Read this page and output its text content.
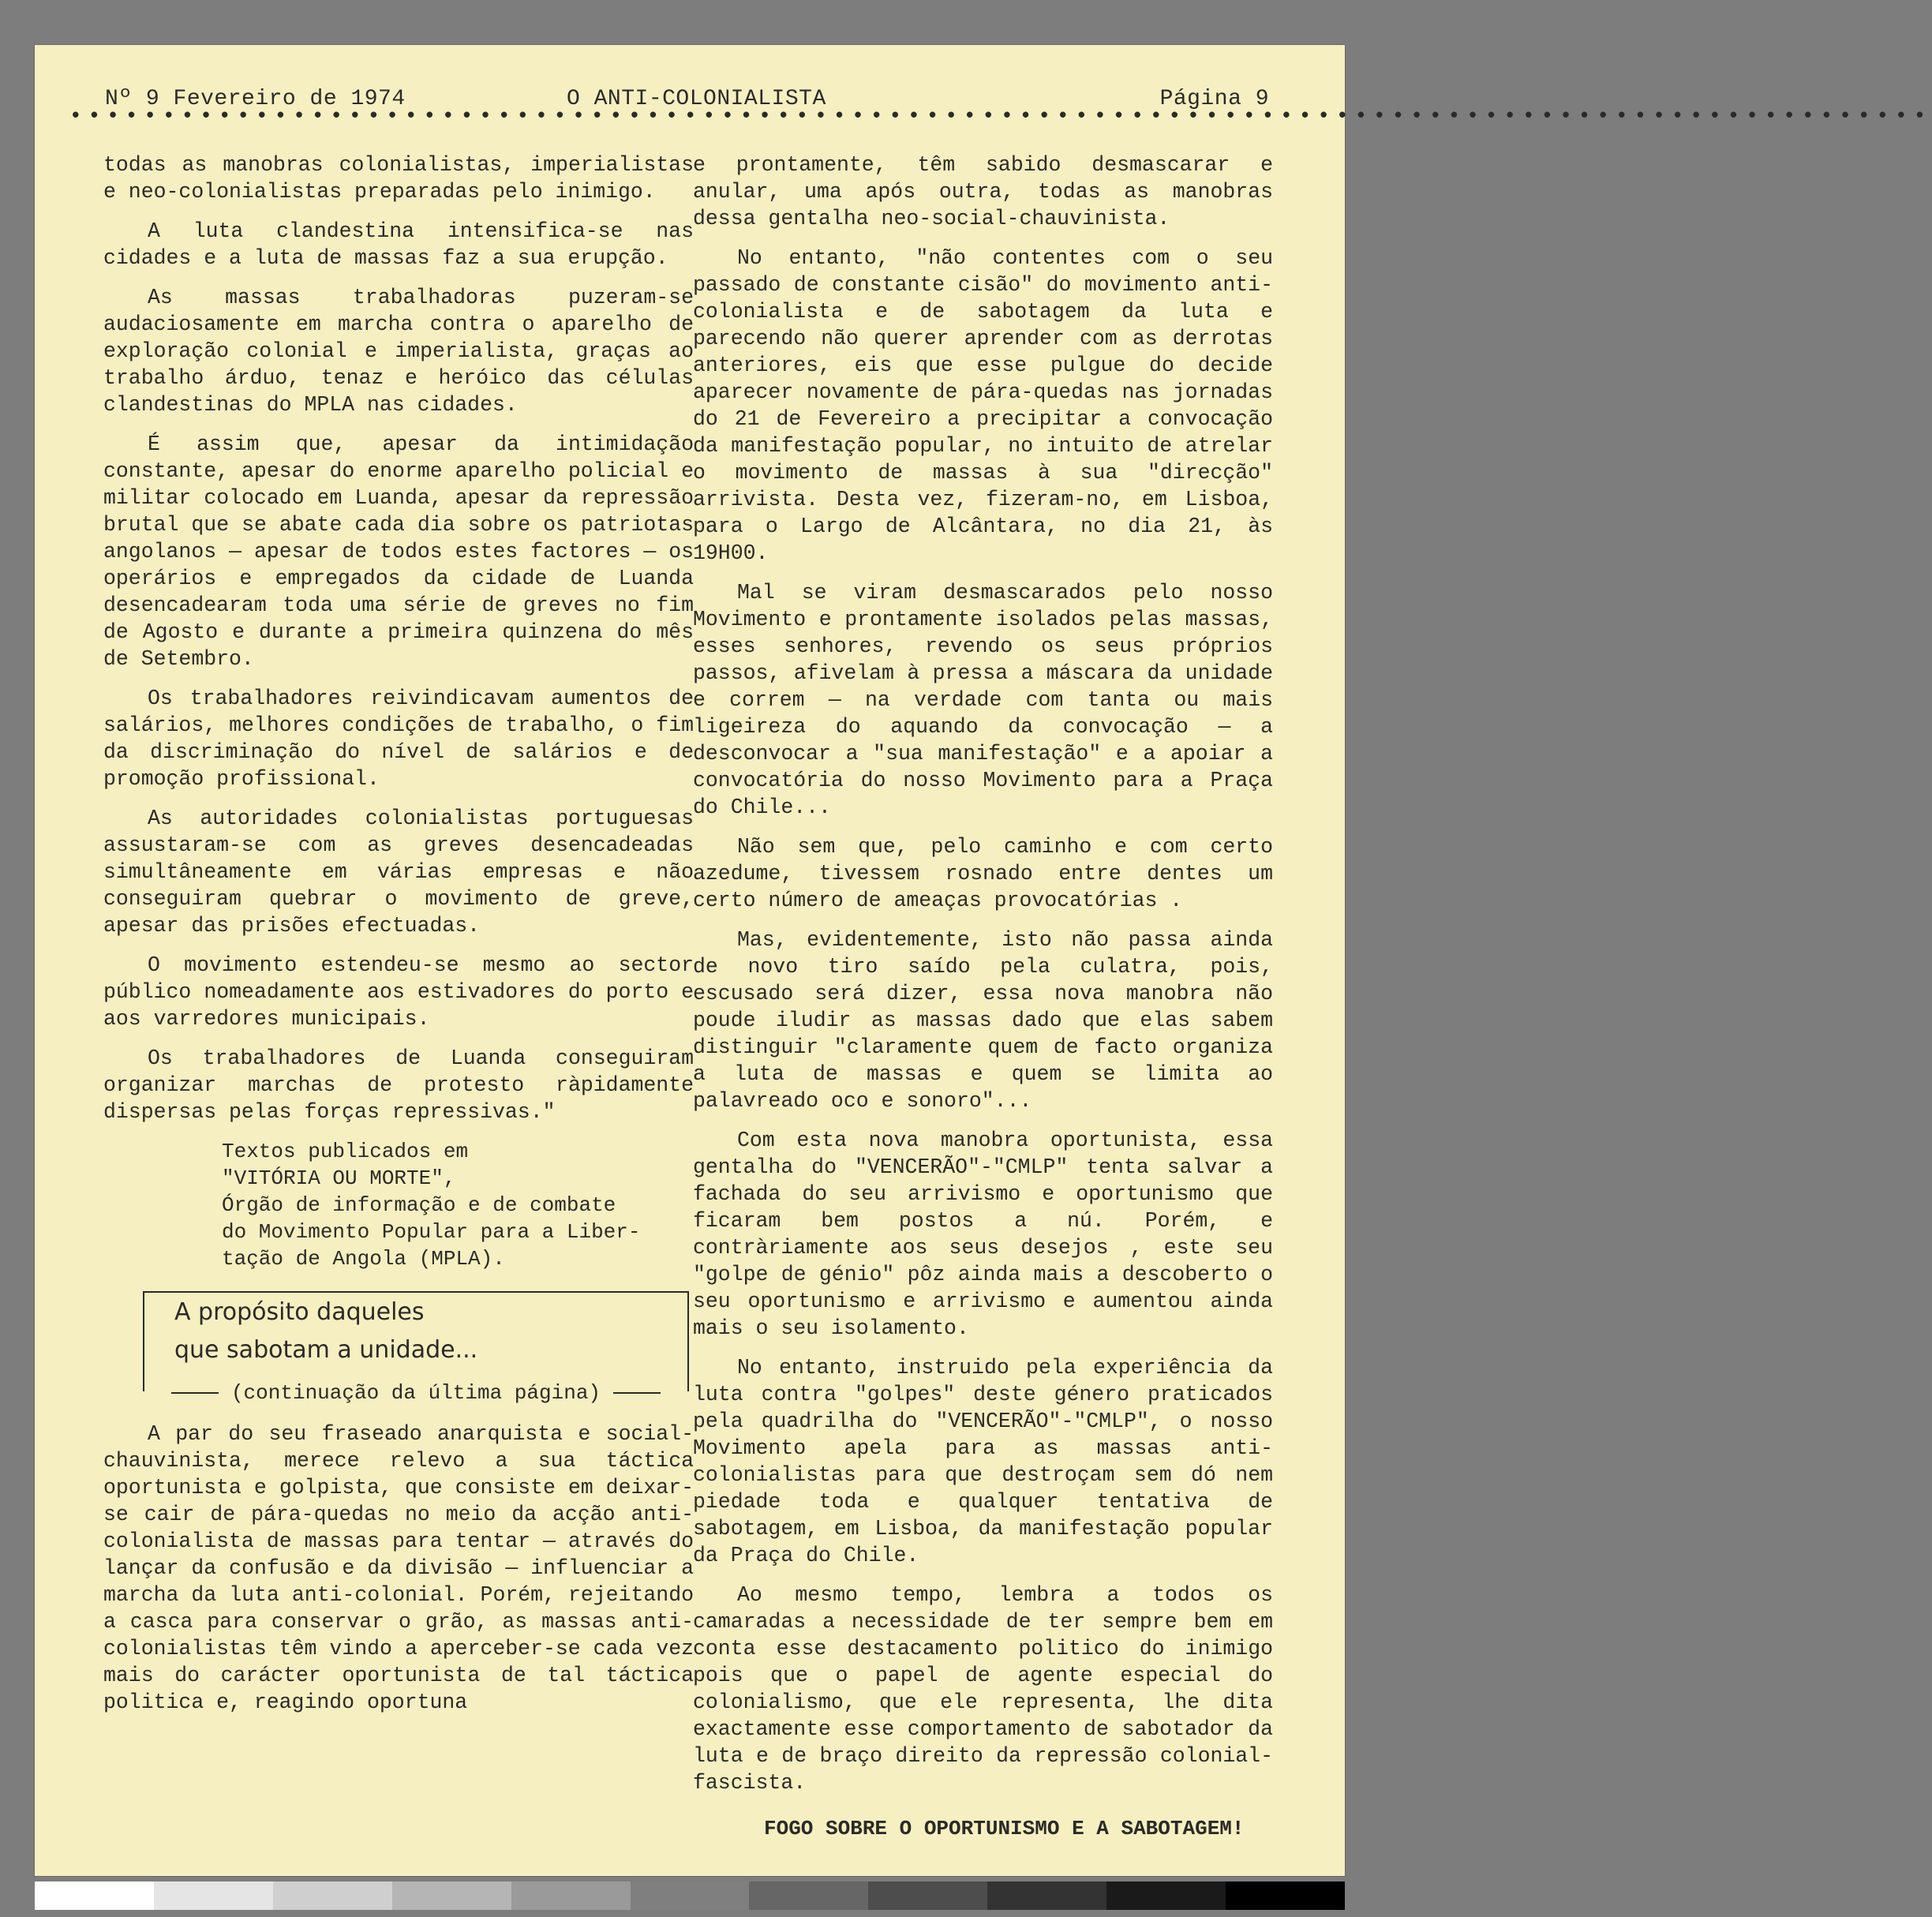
Nº 9 Fevereiro de 1974	O ANTI-COLONIALISTA	Página 9
••••••••••••••••••••••••••••••••••••••••••••••••••••••••••••••••••••••••••••••••••••••••••••••••••••

todas as manobras colonialistas, imperialistas e neo-colonialistas preparadas pelo inimigo.

A luta clandestina intensifica-se nas cidades e a luta de massas faz a sua erupção.

As massas trabalhadoras puzeram-se audaciosamente em marcha contra o aparelho de exploração colonial e imperialista, graças ao trabalho árduo, tenaz e heróico das células clandestinas do MPLA nas cidades.

É assim que, apesar da intimidação constante, apesar do enorme aparelho policial e militar colocado em Luanda, apesar da repressão brutal que se abate cada dia sobre os patriotas angolanos — apesar de todos estes factores — os operários e empregados da cidade de Luanda desencadearam toda uma série de greves no fim de Agosto e durante a primeira quinzena do mês de Setembro.

Os trabalhadores reivindicavam aumentos de salários, melhores condições de trabalho, o fim da discriminação do nível de salários e de promoção profissional.

As autoridades colonialistas portuguesas assustaram-se com as greves desencadeadas simultâneamente em várias empresas e não conseguiram quebrar o movimento de greve, apesar das prisões efectuadas.

O movimento estendeu-se mesmo ao sector público nomeadamente aos estivadores do porto e aos varredores municipais.

Os trabalhadores de Luanda conseguiram organizar marchas de protesto ràpidamente dispersas pelas forças repressivas."

Textos publicados em
"VITÓRIA OU MORTE",
Órgão de informação e de combate
do Movimento Popular para a Liber-
tação de Angola (MPLA).
A propósito daqueles
que sabotam a unidade...
(continuação da última página)

A par do seu fraseado anarquista e social-chauvinista, merece relevo a sua táctica oportunista e golpista, que consiste em deixar-se cair de pára-quedas no meio da acção anti-colonialista de massas para tentar — através do lançar da confusão e da divisão — influenciar a marcha da luta anti-colonial. Porém, rejeitando a casca para conservar o grão, as massas anti-colonialistas têm vindo a aperceber-se cada vez mais do carácter oportunista de tal táctica politica e, reagindo oportuna

e prontamente, têm sabido desmascarar e anular, uma após outra, todas as manobras dessa gentalha neo-social-chauvinista.

No entanto, "não contentes com o seu passado de constante cisão" do movimento anti-colonialista e de sabotagem da luta e parecendo não querer aprender com as derrotas anteriores, eis que esse pulgue do decide aparecer novamente de pára-quedas nas jornadas do 21 de Fevereiro a precipitar a convocação da manifestação popular, no intuito de atrelar o movimento de massas à sua "direcção" arrivista. Desta vez, fizeram-no, em Lisboa, para o Largo de Alcântara, no dia 21, às 19H00.

Mal se viram desmascarados pelo nosso Movimento e prontamente isolados pelas massas, esses senhores, revendo os seus próprios passos, afivelam à pressa a máscara da unidade e correm — na verdade com tanta ou mais ligeireza do aquando da convocação — a desconvocar a "sua manifestação" e a apoiar a convocatória do nosso Movimento para a Praça do Chile...

Não sem que, pelo caminho e com certo azedume, tivessem rosnado entre dentes um certo número de ameaças provocatórias .

Mas, evidentemente, isto não passa ainda de novo tiro saído pela culatra, pois, escusado será dizer, essa nova manobra não poude iludir as massas dado que elas sabem distinguir "claramente quem de facto organiza a luta de massas e quem se limita ao palavreado oco e sonoro"...

Com esta nova manobra oportunista, essa gentalha do "VENCERÃO"-"CMLP" tenta salvar a fachada do seu arrivismo e oportunismo que ficaram bem postos a nú. Porém, e contràriamente aos seus desejos , este seu "golpe de génio" pôz ainda mais a descoberto o seu oportunismo e arrivismo e aumentou ainda mais o seu isolamento.

No entanto, instruido pela experiência da luta contra "golpes" deste género praticados pela quadrilha do "VENCERÃO"-"CMLP", o nosso Movimento apela para as massas anti-colonialistas para que destroçam sem dó nem piedade toda e qualquer tentativa de sabotagem, em Lisboa, da manifestação popular da Praça do Chile.

Ao mesmo tempo, lembra a todos os camaradas a necessidade de ter sempre bem em conta esse destacamento politico do inimigo pois que o papel de agente especial do colonialismo, que ele representa, lhe dita exactamente esse comportamento de sabotador da luta e de braço direito da repressão colonial-fascista.

FOGO SOBRE O OPORTUNISMO E A SABOTAGEM!
